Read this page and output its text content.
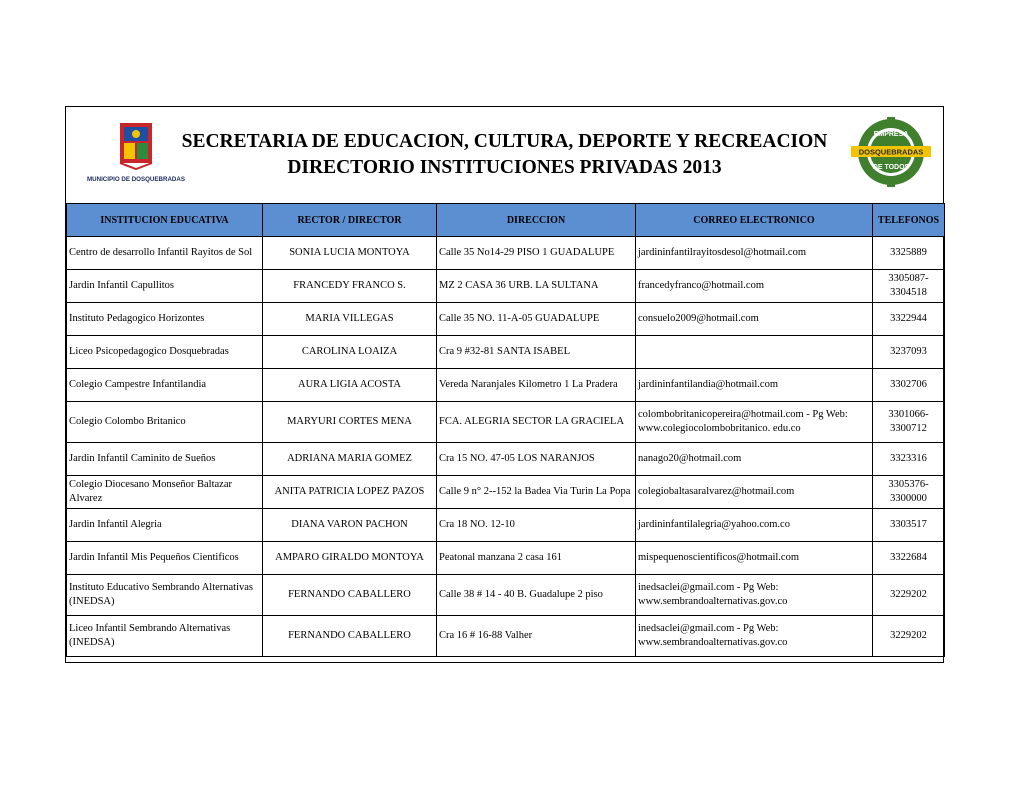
MUNICIPIO DE DOSQUEBRADAS
SECRETARIA DE EDUCACION, CULTURA, DEPORTE Y RECREACION
DIRECTORIO INSTITUCIONES PRIVADAS 2013
EMPRESA
DOSQUEBRADAS
DE TODOS
INSTITUCION EDUCATIVA	RECTOR / DIRECTOR	DIRECCION	CORREO ELECTRONICO	TELEFONOS
Centro de desarrollo Infantil Rayitos de Sol	SONIA LUCIA MONTOYA	Calle 35 No14-29 PISO 1 GUADALUPE	jardininfantilrayitosdesol@hotmail.com	3325889
Jardin Infantil Capullitos	FRANCEDY FRANCO S.	MZ 2 CASA 36 URB. LA SULTANA	francedyfranco@hotmail.com	3305087-3304518
Instituto Pedagogico Horizontes	MARIA VILLEGAS	Calle 35 NO. 11-A-05 GUADALUPE	consuelo2009@hotmail.com	3322944
Liceo Psicopedagogico Dosquebradas	CAROLINA LOAIZA	Cra 9 #32-81 SANTA ISABEL		3237093
Colegio Campestre Infantilandia	AURA LIGIA ACOSTA	Vereda Naranjales Kilometro 1 La Pradera	jardininfantilandia@hotmail.com	3302706
Colegio Colombo Britanico	MARYURI CORTES MENA	FCA. ALEGRIA SECTOR LA GRACIELA	colombobritanicopereira@hotmail.com - Pg Web: www.colegiocolombobritanico. edu.co	3301066-3300712
Jardin Infantil Caminito de Sueños	ADRIANA MARIA GOMEZ	Cra 15 NO. 47-05 LOS NARANJOS	nanago20@hotmail.com	3323316
Colegio Diocesano Monseñor Baltazar Alvarez	ANITA PATRICIA LOPEZ PAZOS	Calle 9 n° 2--152 la Badea Via Turin La Popa	colegiobaltasaralvarez@hotmail.com	3305376-3300000
Jardin Infantil Alegria	DIANA VARON PACHON	Cra 18 NO. 12-10	jardininfantilalegria@yahoo.com.co	3303517
Jardin Infantil Mis Pequeños Cientificos	AMPARO GIRALDO MONTOYA	Peatonal manzana 2 casa 161	mispequenoscientificos@hotmail.com	3322684
Instituto Educativo Sembrando Alternativas (INEDSA)	FERNANDO CABALLERO	Calle 38 # 14 - 40 B. Guadalupe 2 piso	inedsaclei@gmail.com - Pg Web: www.sembrandoalternativas.gov.co	3229202
Liceo Infantil Sembrando Alternativas (INEDSA)	FERNANDO CABALLERO	Cra 16 # 16-88 Valher	inedsaclei@gmail.com - Pg Web: www.sembrandoalternativas.gov.co	3229202
